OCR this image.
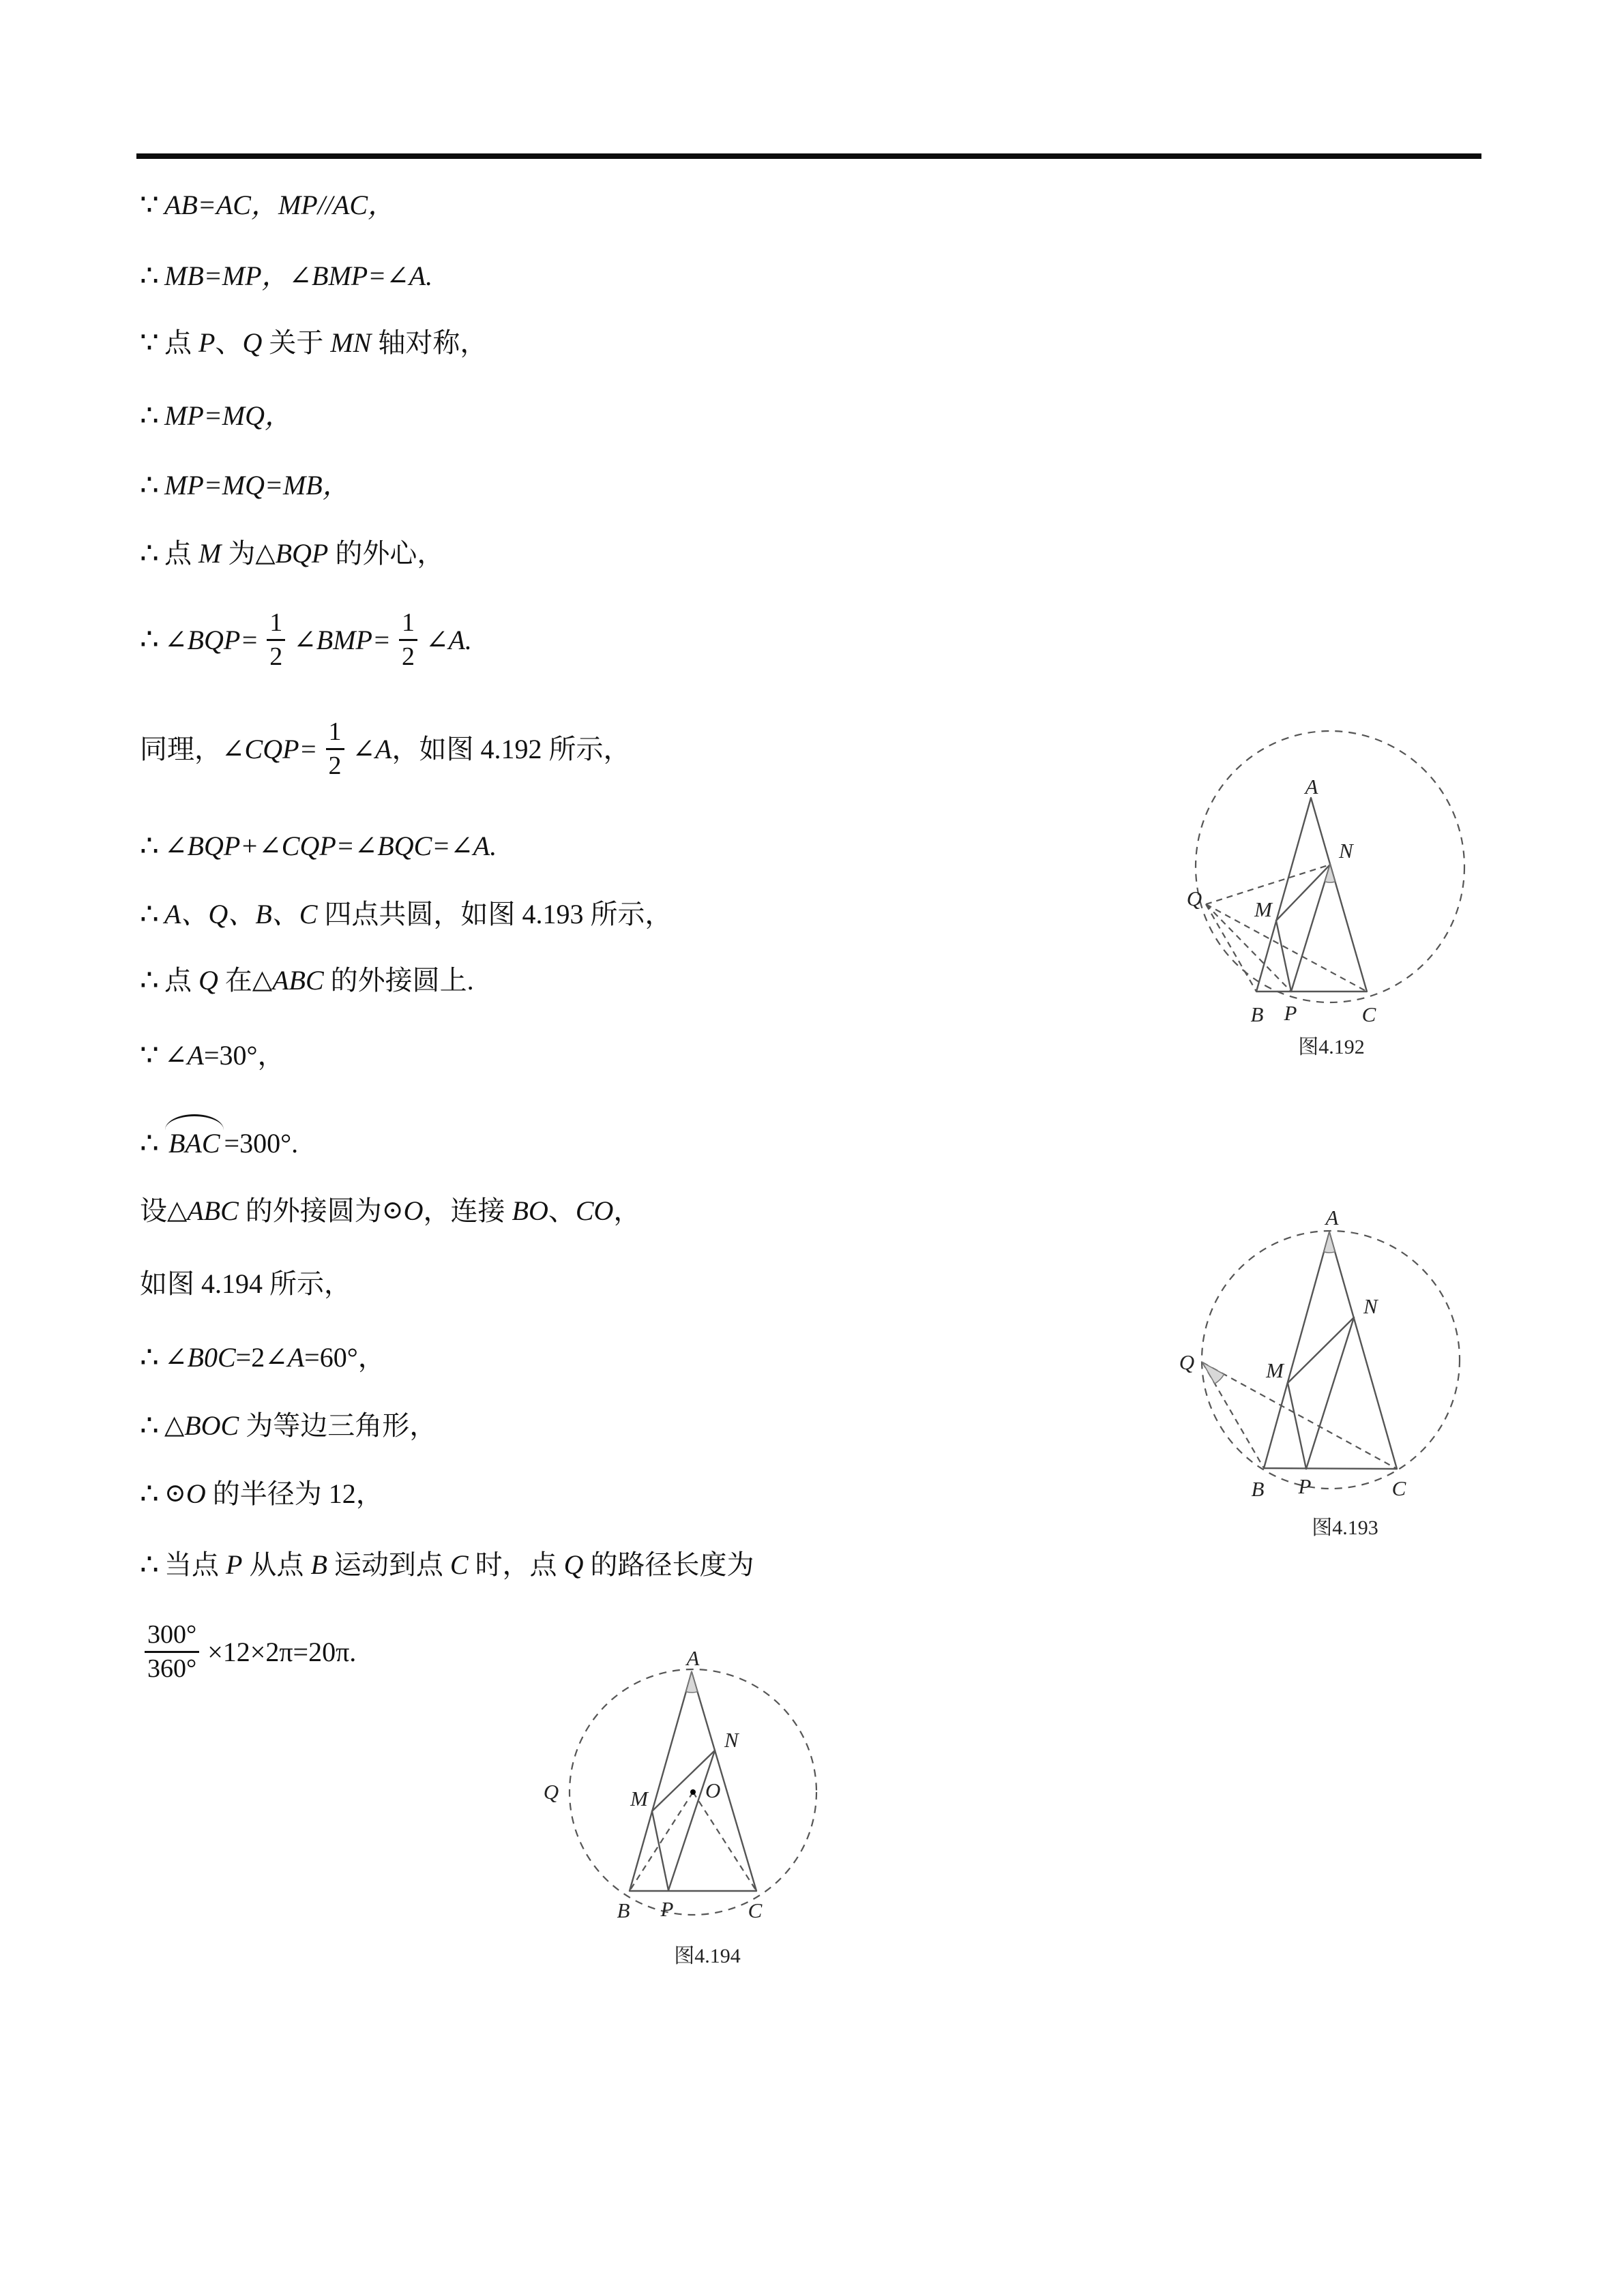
∵ AB=AC，MP//AC，
∴ MB=MP，∠BMP=∠A.
∵ 点 P 、 Q 关于 MN 轴对称，
∴ MP=MQ，
∴ MP=MQ=MB，
∴ 点 M 为 △ BQP 的外心，
∴ ∠BQP= $\frac{1}{2}$ ∠BMP= $\frac{1}{2}$ ∠A.
同理， ∠CQP= $\frac{1}{2}$ ∠A ，如图 4.192 所示，
∴ ∠BQP+∠CQP=∠BQC=∠A.
∴ A、Q、B、C 四点共圆，如图 4.193 所示，
∴ 点 Q 在 △ ABC 的外接圆上.
∵ ∠A =30°，
∴ BAC =300°.
设 △ ABC 的外接圆为 ⊙ O ，连接 BO 、 CO ，
如图 4.194 所示，
∴ ∠B0C =2 ∠A =60°，
∴ △ BOC 为等边三角形，
∴ ⊙ O 的半径为 12 ，
∴ 当点 P 从点 B 运动到点 C 时，点 Q 的路径长度为
$\frac{300^\circ}{360^\circ} \times 12\times 2\pi=20\pi$.
A
B P	C
M
N
Q
图4.192
A
B P	C
M
N
Q
图4.193
A
B P	C
M
N
O
Q
图4.194
